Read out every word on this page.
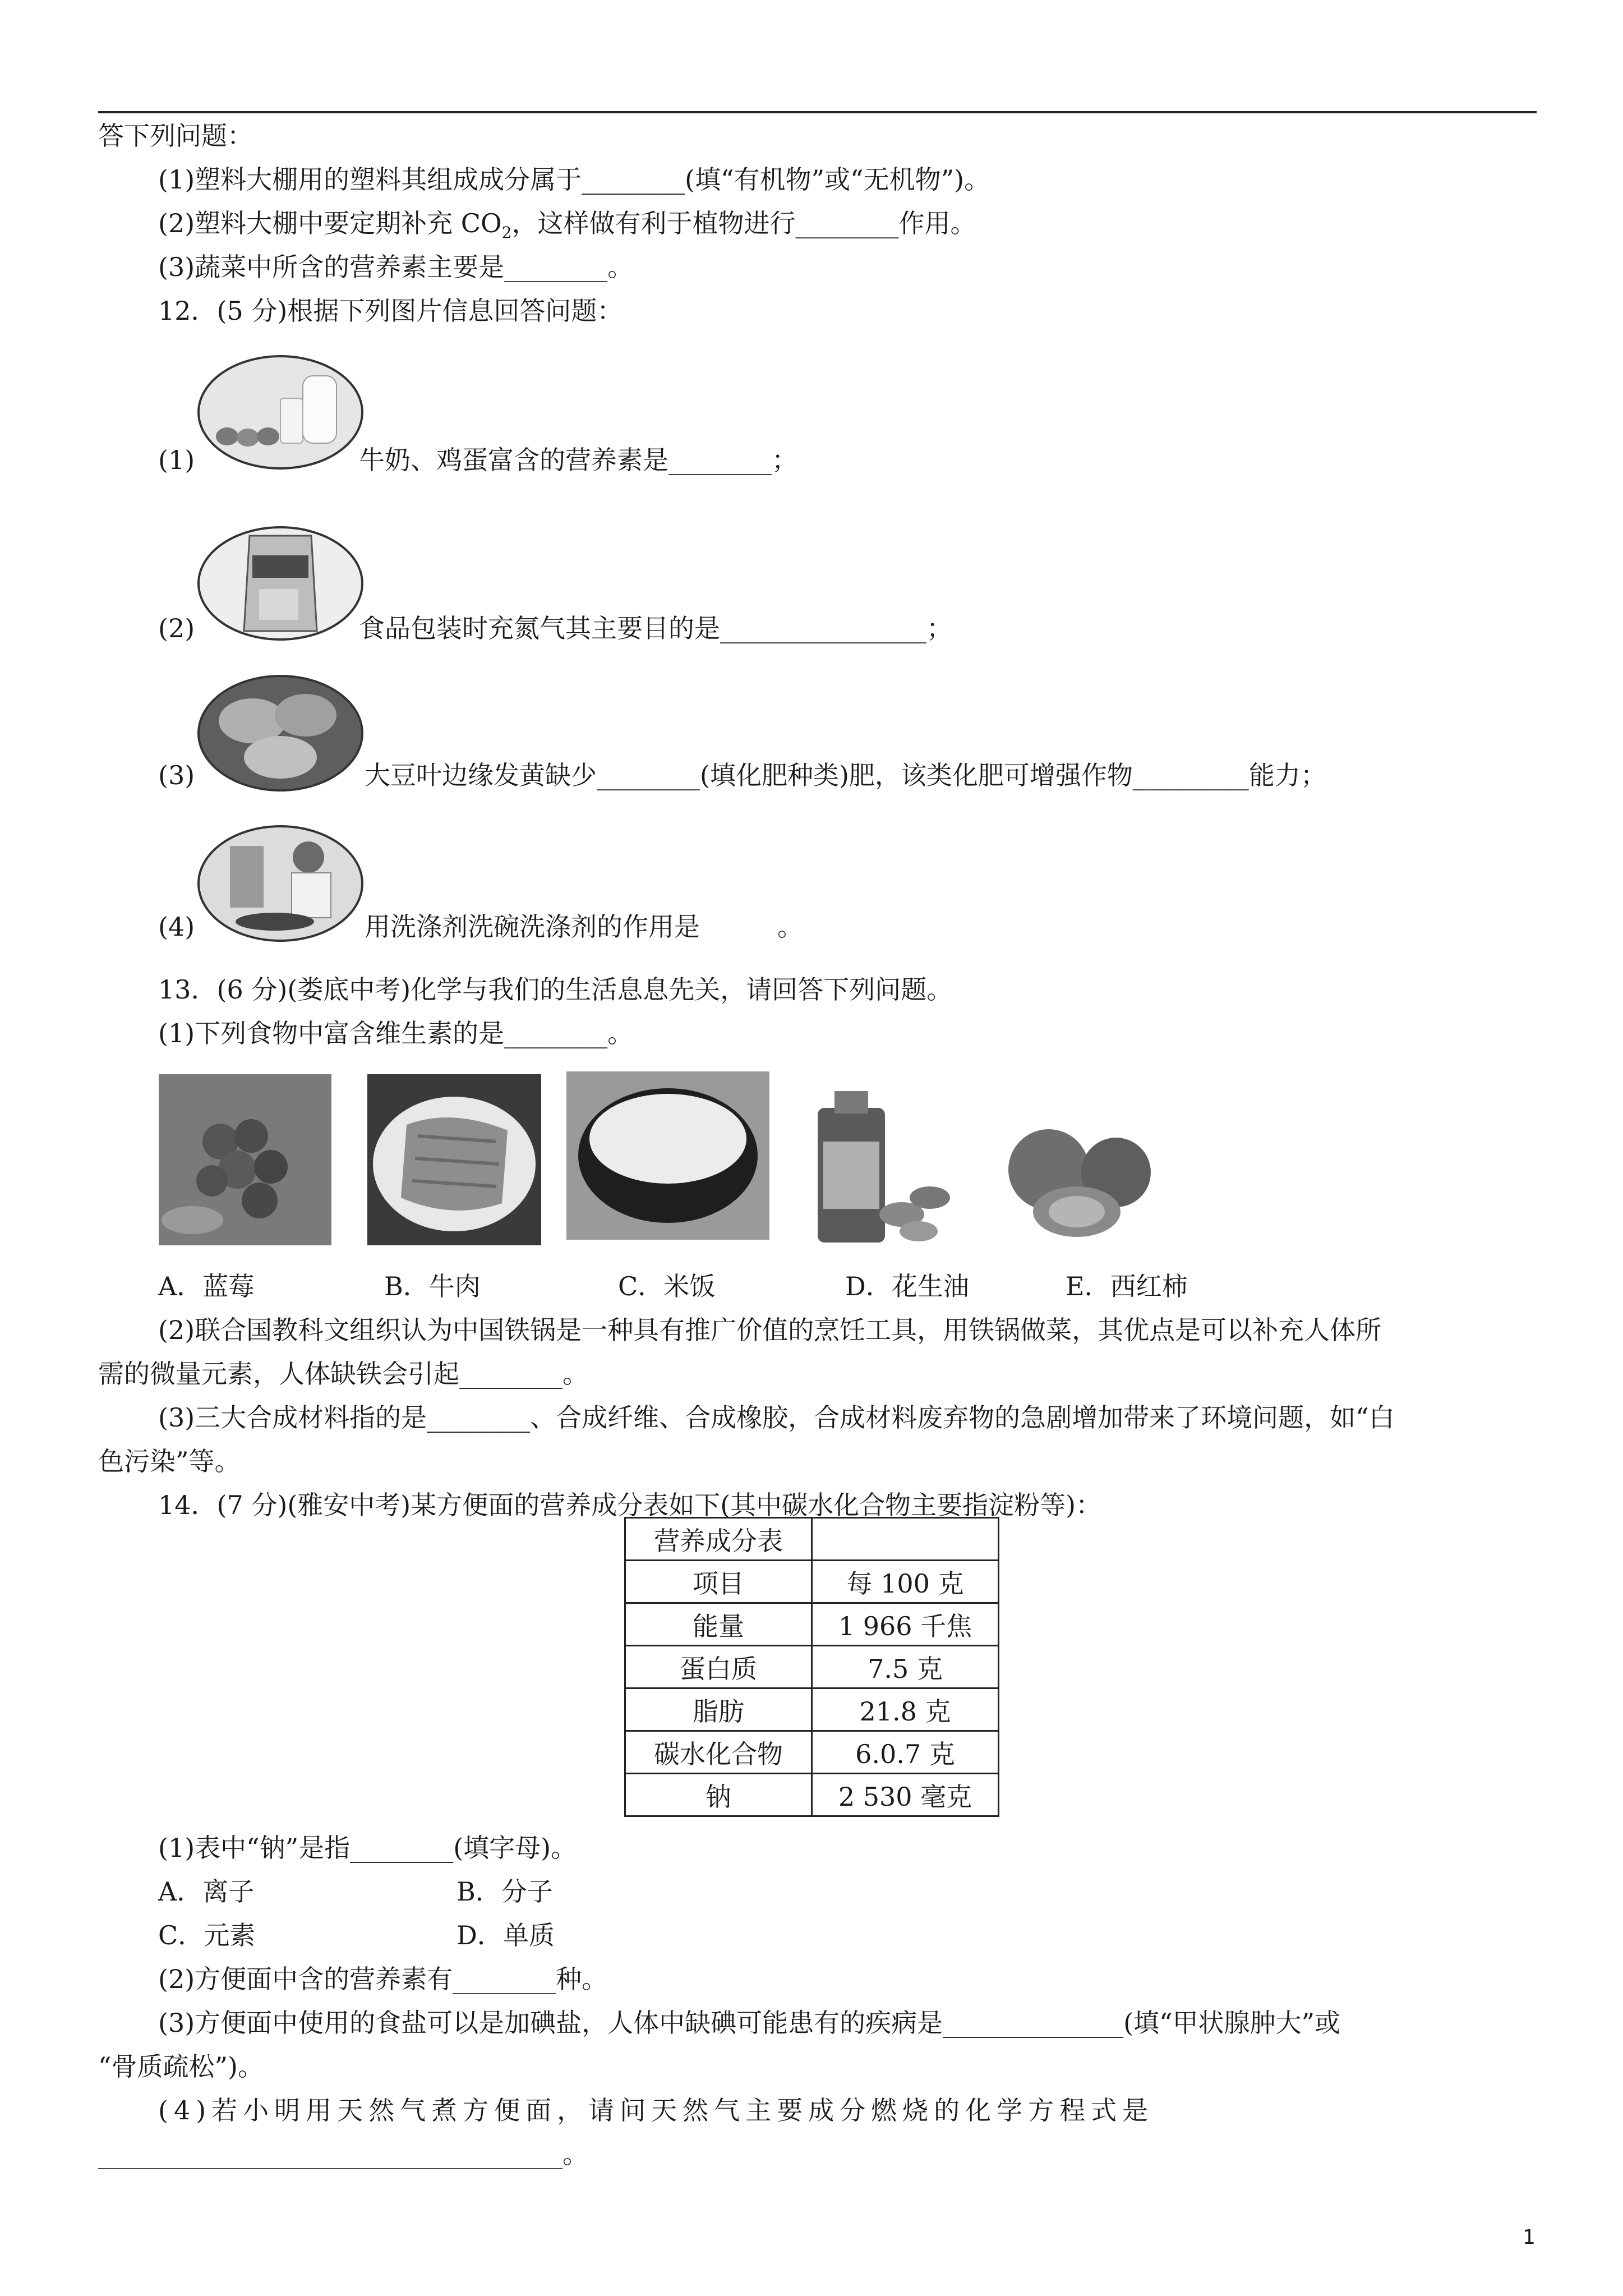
答下列问题：
(1)塑料大棚用的塑料其组成成分属于________(填“有机物”或“无机物”)。
(2)塑料大棚中要定期补充 $CO_2$，这样做有利于植物进行________作用。
(3)蔬菜中所含的营养素主要是________。
12．(5 分)根据下列图片信息回答问题：
(1)	牛奶、鸡蛋富含的营养素是________；
(2)	食品包装时充氮气其主要目的是________________；
(3)	大豆叶边缘发黄缺少________(填化肥种类)肥，该类化肥可增强作物_________能力；
(4)	用洗涤剂洗碗洗涤剂的作用是　　　。
13．(6 分)(娄底中考)化学与我们的生活息息先关，请回答下列问题。
(1)下列食物中富含维生素的是________。
A．蓝莓	B．牛肉	C．米饭	D．花生油	E．西红柿
(2)联合国教科文组织认为中国铁锅是一种具有推广价值的烹饪工具，用铁锅做菜，其优点是可以补充人体所
需的微量元素，人体缺铁会引起________。
(3)三大合成材料指的是________、合成纤维、合成橡胶，合成材料废弃物的急剧增加带来了环境问题，如“白
色污染”等。
14．(7 分)(雅安中考)某方便面的营养成分表如下(其中碳水化合物主要指淀粉等)：
营养成分表	
项目	每 100 克
能量	1 966 千焦
蛋白质	7.5 克
脂肪	21.8 克
碳水化合物	6.0.7 克
钠	2 530 毫克
(1)表中“钠”是指________(填字母)。
A．离子	B．分子
C．元素	D．单质
(2)方便面中含的营养素有________种。
(3)方便面中使用的食盐可以是加碘盐，人体中缺碘可能患有的疾病是______________(填“甲状腺肿大”或
“骨质疏松”)。
(4)若小明用天然气煮方便面，请问天然气主要成分燃烧的化学方程式是
____________________________________。
1
